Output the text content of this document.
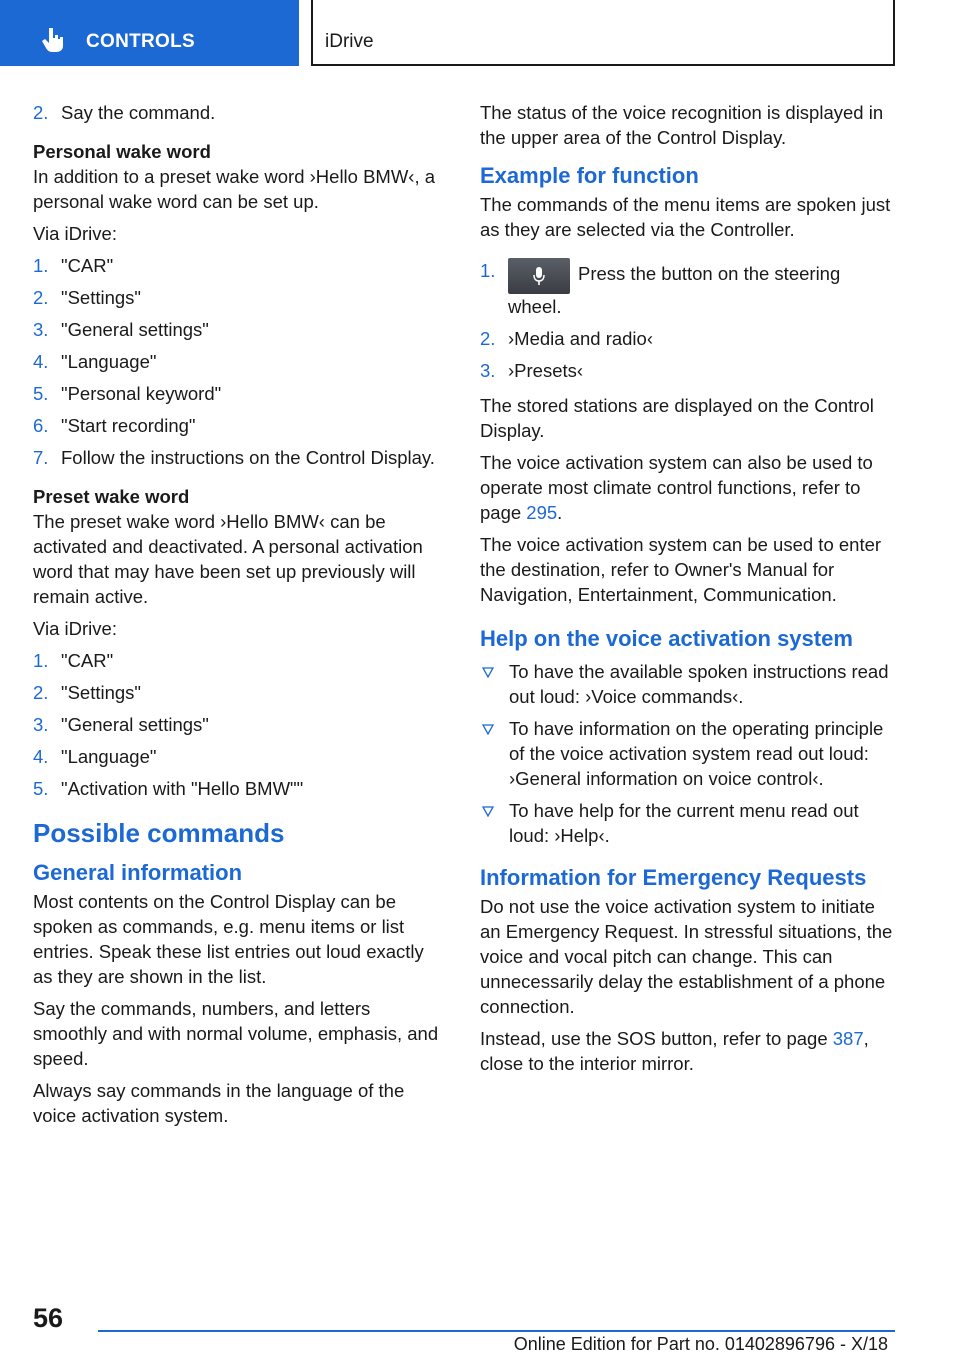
CONTROLS	iDrive
2. Say the command.

Personal wake word

In addition to a preset wake word ›Hello BMW‹, a personal wake word can be set up.

Via iDrive:

1. "CAR"
2. "Settings"
3. "General settings"
4. "Language"
5. "Personal keyword"
6. "Start recording"
7. Follow the instructions on the Control Display.

Preset wake word

The preset wake word ›Hello BMW‹ can be activated and deactivated. A personal activation word that may have been set up previously will remain active.

Via iDrive:

1. "CAR"
2. "Settings"
3. "General settings"
4. "Language"
5. "Activation with "Hello BMW""
Possible commands
General information

Most contents on the Control Display can be spoken as commands, e.g. menu items or list entries. Speak these list entries out loud exactly as they are shown in the list.

Say the commands, numbers, and letters smoothly and with normal volume, emphasis, and speed.

Always say commands in the language of the voice activation system.

The status of the voice recognition is displayed in the upper area of the Control Display.

Example for function

The commands of the menu items are spoken just as they are selected via the Controller.

1.	Press the button on the steering wheel.
2. ›Media and radio‹
3. ›Presets‹

The stored stations are displayed on the Control Display.

The voice activation system can also be used to operate most climate control functions, refer to page 295.

The voice activation system can be used to enter the destination, refer to Owner's Manual for Navigation, Entertainment, Communication.

Help on the voice activation system
To have the available spoken instructions read out loud: ›Voice commands‹.
To have information on the operating principle of the voice activation system read out loud: ›General information on voice control‹.
To have help for the current menu read out loud: ›Help‹.
Information for Emergency Requests

Do not use the voice activation system to initiate an Emergency Request. In stressful situations, the voice and vocal pitch can change. This can unnecessarily delay the establishment of a phone connection.

Instead, use the SOS button, refer to page 387, close to the interior mirror.

56
Online Edition for Part no. 01402896796 - X/18
